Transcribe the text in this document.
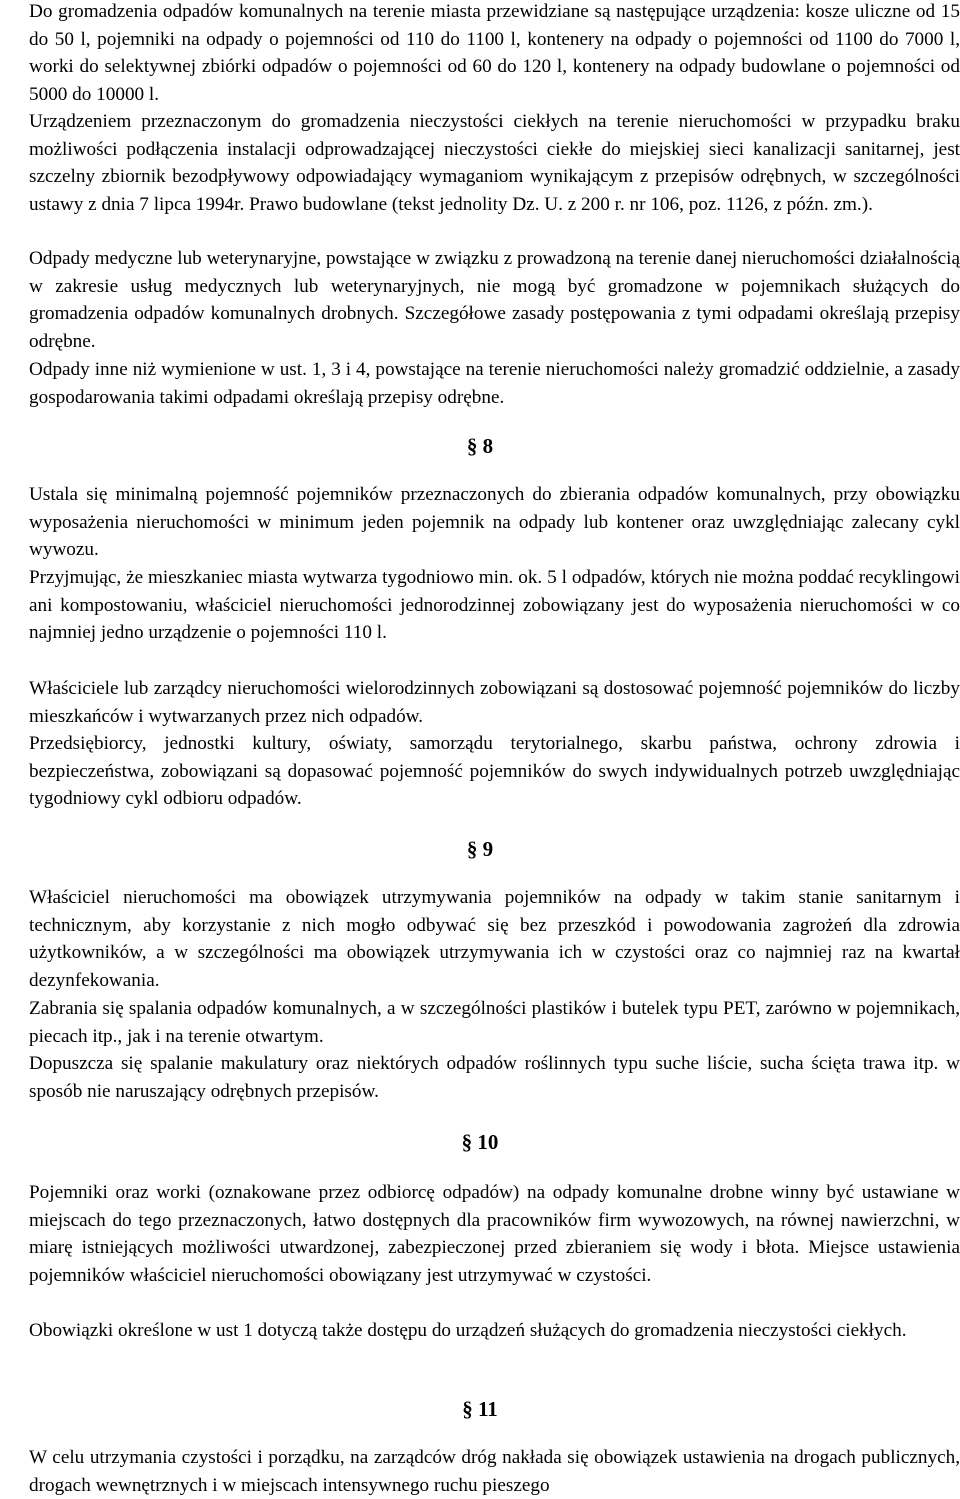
Do gromadzenia odpadów komunalnych na terenie miasta przewidziane są następujące urządzenia: kosze uliczne od 15 do 50 l, pojemniki na odpady o pojemności od 110 do 1100 l, kontenery na odpady o pojemności od 1100 do 7000 l, worki do selektywnej zbiórki odpadów o pojemności od 60 do 120 l, kontenery na odpady budowlane o pojemności od 5000 do 10000 l.
Urządzeniem przeznaczonym do gromadzenia nieczystości ciekłych na terenie nieruchomości w przypadku braku możliwości podłączenia instalacji odprowadzającej nieczystości ciekłe do miejskiej sieci kanalizacji sanitarnej, jest szczelny zbiornik bezodpływowy odpowiadający wymaganiom wynikającym z przepisów odrębnych, w szczególności ustawy z dnia 7 lipca 1994r. Prawo budowlane (tekst jednolity Dz. U. z 200 r. nr 106, poz. 1126, z późn. zm.).
Odpady medyczne lub weterynaryjne, powstające w związku z prowadzoną na terenie danej nieruchomości działalnością w zakresie usług medycznych lub weterynaryjnych, nie mogą być gromadzone w pojemnikach służących do gromadzenia odpadów komunalnych drobnych. Szczegółowe zasady postępowania z tymi odpadami określają przepisy odrębne.
Odpady inne niż wymienione w ust. 1, 3 i 4, powstające na terenie nieruchomości należy gromadzić oddzielnie, a zasady gospodarowania takimi odpadami określają przepisy odrębne.
§ 8
Ustala się minimalną pojemność pojemników przeznaczonych do zbierania odpadów komunalnych, przy obowiązku wyposażenia nieruchomości w minimum jeden pojemnik na odpady lub kontener oraz uwzględniając zalecany cykl wywozu.
Przyjmując, że mieszkaniec miasta wytwarza tygodniowo min. ok. 5 l odpadów, których nie można poddać recyklingowi ani kompostowaniu, właściciel nieruchomości jednorodzinnej zobowiązany jest do wyposażenia nieruchomości w co najmniej jedno urządzenie o pojemności 110 l.
Właściciele lub zarządcy nieruchomości wielorodzinnych zobowiązani są dostosować pojemność pojemników do liczby mieszkańców i wytwarzanych przez nich odpadów.
Przedsiębiorcy, jednostki kultury, oświaty, samorządu terytorialnego, skarbu państwa, ochrony zdrowia i bezpieczeństwa, zobowiązani są dopasować pojemność pojemników do swych indywidualnych potrzeb uwzględniając tygodniowy cykl odbioru odpadów.
§ 9
Właściciel nieruchomości ma obowiązek utrzymywania pojemników na odpady w takim stanie sanitarnym i technicznym, aby korzystanie z nich mogło odbywać się bez przeszkód i powodowania zagrożeń dla zdrowia użytkowników, a w szczególności ma obowiązek utrzymywania ich w czystości oraz co najmniej raz na kwartał dezynfekowania.
Zabrania się spalania odpadów komunalnych, a w szczególności plastików i butelek typu PET, zarówno w pojemnikach, piecach itp., jak i na terenie otwartym.
Dopuszcza się spalanie makulatury oraz niektórych odpadów roślinnych typu suche liście, sucha ścięta trawa itp. w sposób nie naruszający odrębnych przepisów.
§ 10
Pojemniki oraz worki (oznakowane przez odbiorcę odpadów) na odpady komunalne drobne winny być ustawiane w miejscach do tego przeznaczonych, łatwo dostępnych dla pracowników firm wywozowych, na równej nawierzchni, w miarę istniejących możliwości utwardzonej, zabezpieczonej przed zbieraniem się wody i błota. Miejsce ustawienia pojemników właściciel nieruchomości obowiązany jest utrzymywać w czystości.
Obowiązki określone w ust 1 dotyczą także dostępu do urządzeń służących do gromadzenia nieczystości ciekłych.
§ 11
W celu utrzymania czystości i porządku, na zarządców dróg nakłada się obowiązek ustawienia na drogach publicznych, drogach wewnętrznych i w miejscach intensywnego ruchu pieszego
